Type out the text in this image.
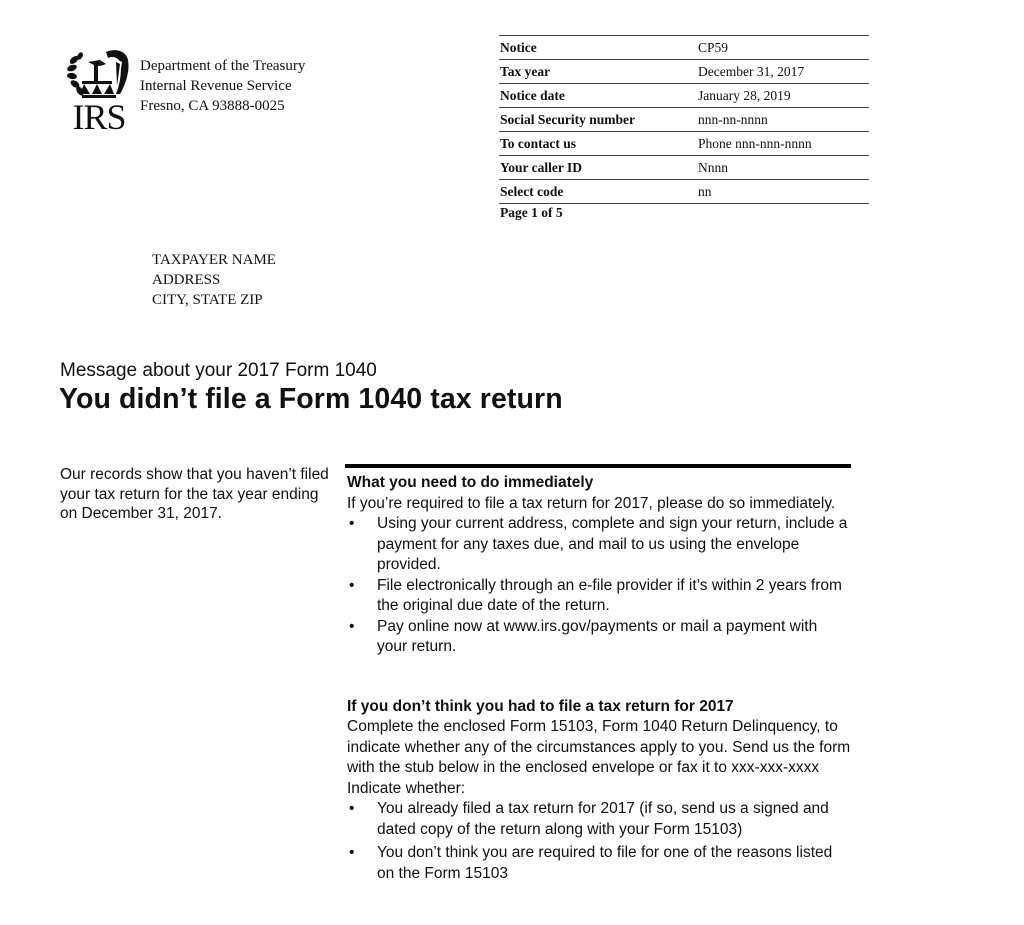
IRS
Department of the Treasury
Internal Revenue Service
Fresno, CA 93888-0025
Notice	CP59
Tax year	December 31, 2017
Notice date	January 28, 2019
Social Security number	nnn-nn-nnnn
To contact us	Phone nnn-nnn-nnnn
Your caller ID	Nnnn
Select code	nn
Page 1 of 5
TAXPAYER NAME
ADDRESS
CITY, STATE ZIP
Message about your 2017 Form 1040
You didn’t file a Form 1040 tax return
Our records show that you haven’t filed your tax return for the tax year ending on December 31, 2017.
What you need to do immediately
If you’re required to file a tax return for 2017, please do so immediately.
• Using your current address, complete and sign your return, include a payment for any taxes due, and mail to us using the envelope provided.
• File electronically through an e-file provider if it’s within 2 years from the original due date of the return.
• Pay online now at www.irs.gov/payments or mail a payment with your return.
If you don’t think you had to file a tax return for 2017
Complete the enclosed Form 15103, Form 1040 Return Delinquency, to indicate whether any of the circumstances apply to you. Send us the form with the stub below in the enclosed envelope or fax it to xxx-xxx-xxxx
Indicate whether:
• You already filed a tax return for 2017 (if so, send us a signed and dated copy of the return along with your Form 15103)
• You don’t think you are required to file for one of the reasons listed on the Form 15103
